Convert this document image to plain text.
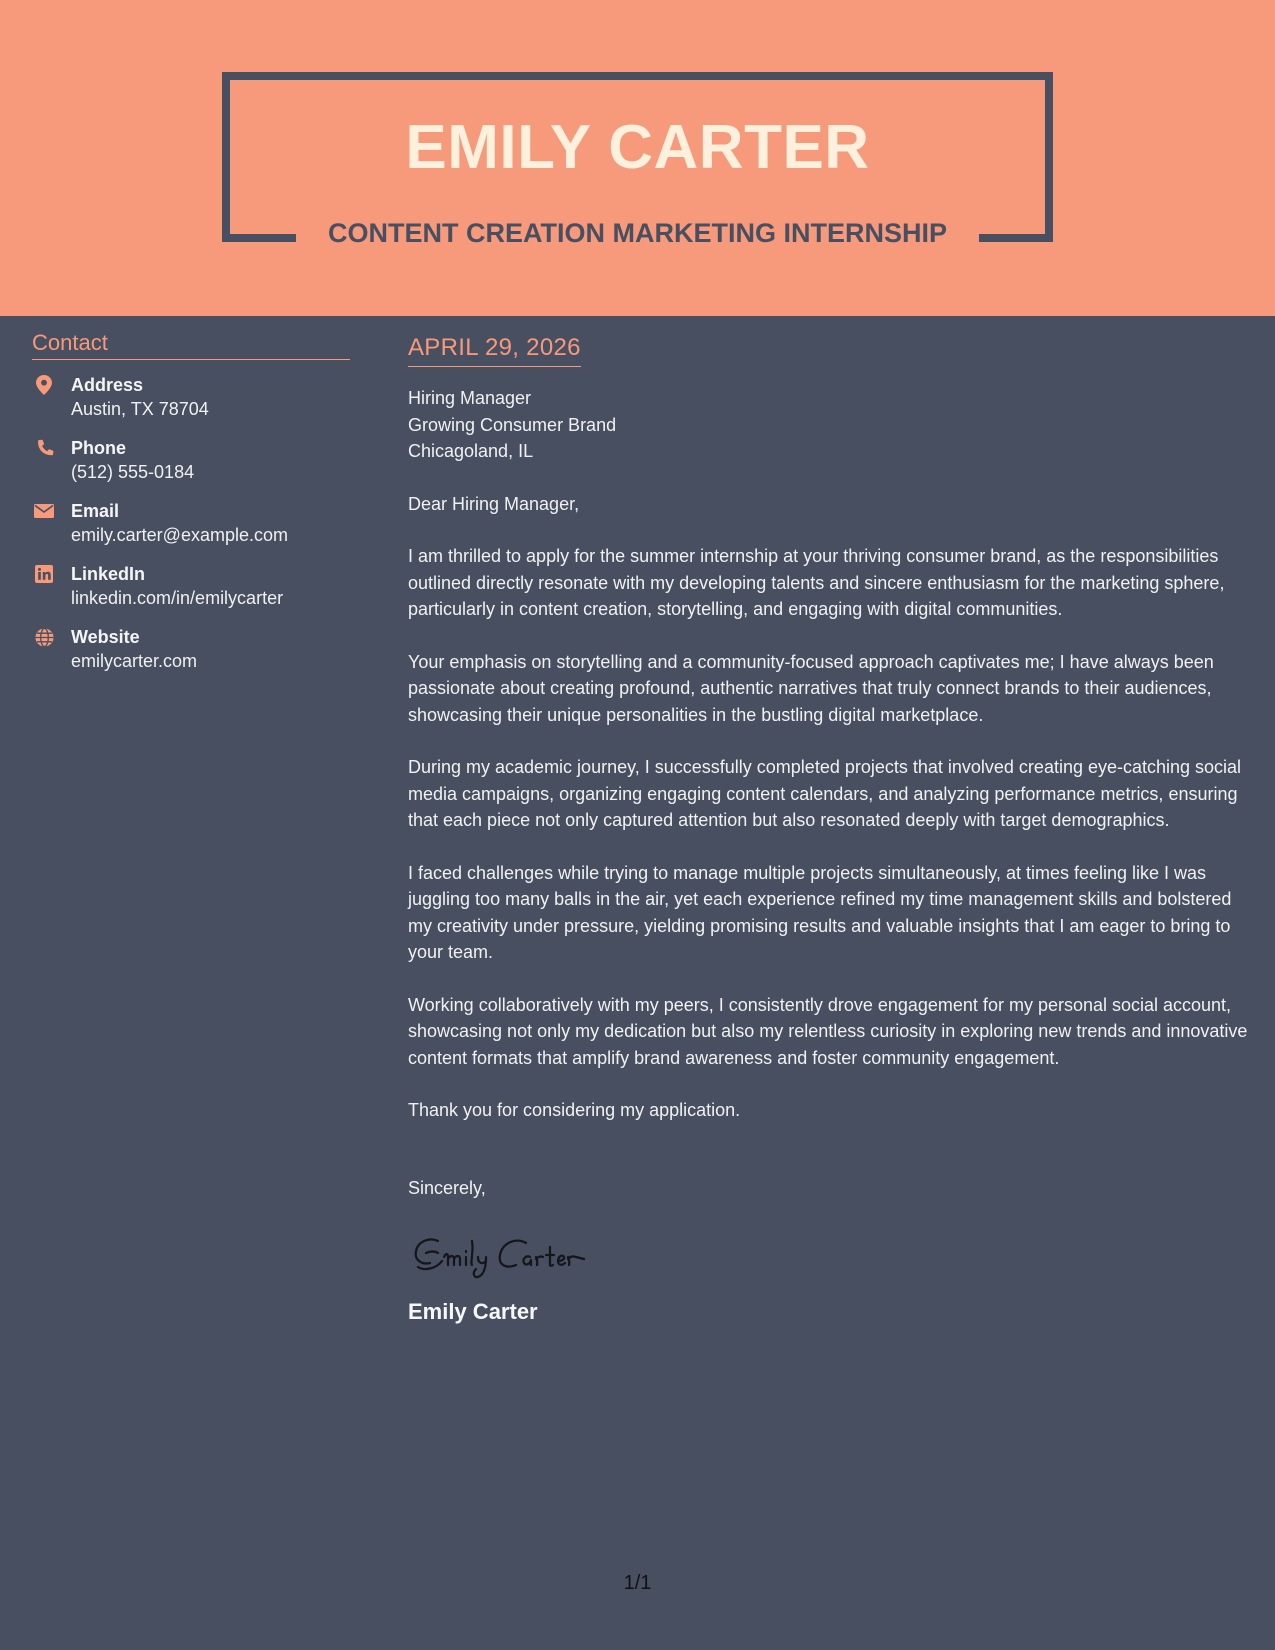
EMILY CARTER
CONTENT CREATION MARKETING INTERNSHIP
Contact
Address
Austin, TX 78704
Phone
(512) 555-0184
Email
emily.carter@example.com
LinkedIn
linkedin.com/in/emilycarter
Website
emilycarter.com
APRIL 29, 2026
Hiring Manager
Growing Consumer Brand
Chicagoland, IL
Dear Hiring Manager,
I am thrilled to apply for the summer internship at your thriving consumer brand, as the responsibilities outlined directly resonate with my developing talents and sincere enthusiasm for the marketing sphere, particularly in content creation, storytelling, and engaging with digital communities.
Your emphasis on storytelling and a community-focused approach captivates me; I have always been passionate about creating profound, authentic narratives that truly connect brands to their audiences, showcasing their unique personalities in the bustling digital marketplace.
During my academic journey, I successfully completed projects that involved creating eye-catching social media campaigns, organizing engaging content calendars, and analyzing performance metrics, ensuring that each piece not only captured attention but also resonated deeply with target demographics.
I faced challenges while trying to manage multiple projects simultaneously, at times feeling like I was juggling too many balls in the air, yet each experience refined my time management skills and bolstered my creativity under pressure, yielding promising results and valuable insights that I am eager to bring to your team.
Working collaboratively with my peers, I consistently drove engagement for my personal social account, showcasing not only my dedication but also my relentless curiosity in exploring new trends and innovative content formats that amplify brand awareness and foster community engagement.
Thank you for considering my application.
Sincerely,
Emily Carter
1/1
